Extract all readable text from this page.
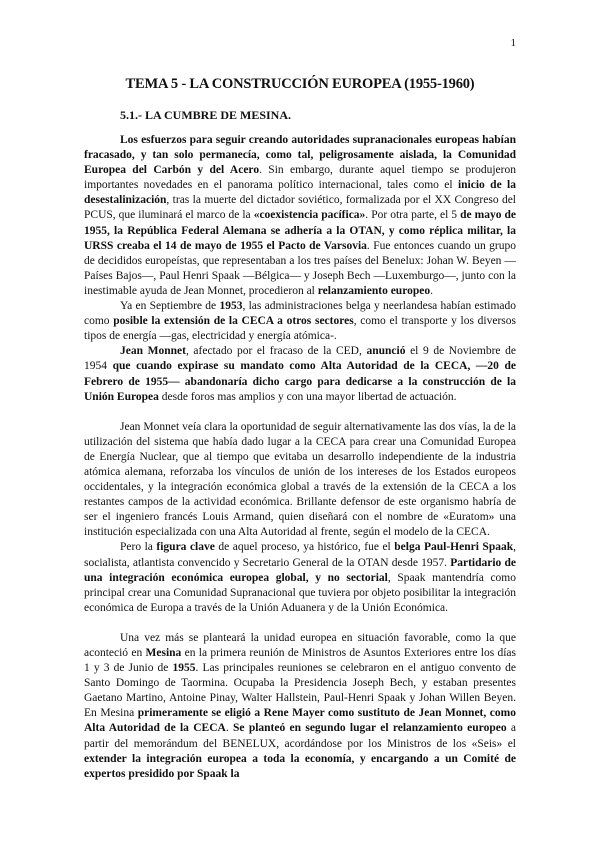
1
TEMA 5 - LA CONSTRUCCIÓN EUROPEA (1955-1960)
5.1.- LA CUMBRE DE MESINA.

Los esfuerzos para seguir creando autoridades supranacionales europeas habían fracasado, y tan solo permanecía, como tal, peligrosamente aislada, la Comunidad Europea del Carbón y del Acero. Sin embargo, durante aquel tiempo se produjeron importantes novedades en el panorama político internacional, tales como el inicio de la desestalinización, tras la muerte del dictador soviético, formalizada por el XX Congreso del PCUS, que iluminará el marco de la «coexistencia pacífica». Por otra parte, el 5 de mayo de 1955, la República Federal Alemana se adhería a la OTAN, y como réplica militar, la URSS creaba el 14 de mayo de 1955 el Pacto de Varsovia. Fue entonces cuando un grupo de decididos europeístas, que representaban a los tres países del Benelux: Johan W. Beyen —Países Bajos—, Paul Henri Spaak —Bélgica— y Joseph Bech —Luxemburgo—, junto con la inestimable ayuda de Jean Monnet, procedieron al relanzamiento europeo.

Ya en Septiembre de 1953, las administraciones belga y neerlandesa habían estimado como posible la extensión de la CECA a otros sectores, como el transporte y los diversos tipos de energía —gas, electricidad y energía atómica-.

Jean Monnet, afectado por el fracaso de la CED, anunció el 9 de Noviembre de 1954 que cuando expirase su mandato como Alta Autoridad de la CECA, —20 de Febrero de 1955— abandonaría dicho cargo para dedicarse a la construcción de la Unión Europea desde foros mas amplios y con una mayor libertad de actuación.

Jean Monnet veía clara la oportunidad de seguir alternativamente las dos vías, la de la utilización del sistema que había dado lugar a la CECA para crear una Comunidad Europea de Energía Nuclear, que al tiempo que evitaba un desarrollo independiente de la industria atómica alemana, reforzaba los vínculos de unión de los intereses de los Estados europeos occidentales, y la integración económica global a través de la extensión de la CECA a los restantes campos de la actividad económica. Brillante defensor de este organismo habría de ser el ingeniero francés Louis Armand, quien diseñará con el nombre de «Euratom» una institución especializada con una Alta Autoridad al frente, según el modelo de la CECA.

Pero la figura clave de aquel proceso, ya histórico, fue el belga Paul-Henri Spaak, socialista, atlantista convencido y Secretario General de la OTAN desde 1957. Partidario de una integración económica europea global, y no sectorial, Spaak mantendría como principal crear una Comunidad Supranacional que tuviera por objeto posibilitar la integración económica de Europa a través de la Unión Aduanera y de la Unión Económica.

Una vez más se planteará la unidad europea en situación favorable, como la que aconteció en Mesina en la primera reunión de Ministros de Asuntos Exteriores entre los días 1 y 3 de Junio de 1955. Las principales reuniones se celebraron en el antiguo convento de Santo Domingo de Taormina. Ocupaba la Presidencia Joseph Bech, y estaban presentes Gaetano Martino, Antoine Pinay, Walter Hallstein, Paul-Henri Spaak y Johan Willen Beyen. En Mesina primeramente se eligió a Rene Mayer como sustituto de Jean Monnet, como Alta Autoridad de la CECA. Se planteó en segundo lugar el relanzamiento europeo a partir del memorándum del BENELUX, acordándose por los Ministros de los «Seis» el extender la integración europea a toda la economía, y encargando a un Comité de expertos presidido por Spaak la
